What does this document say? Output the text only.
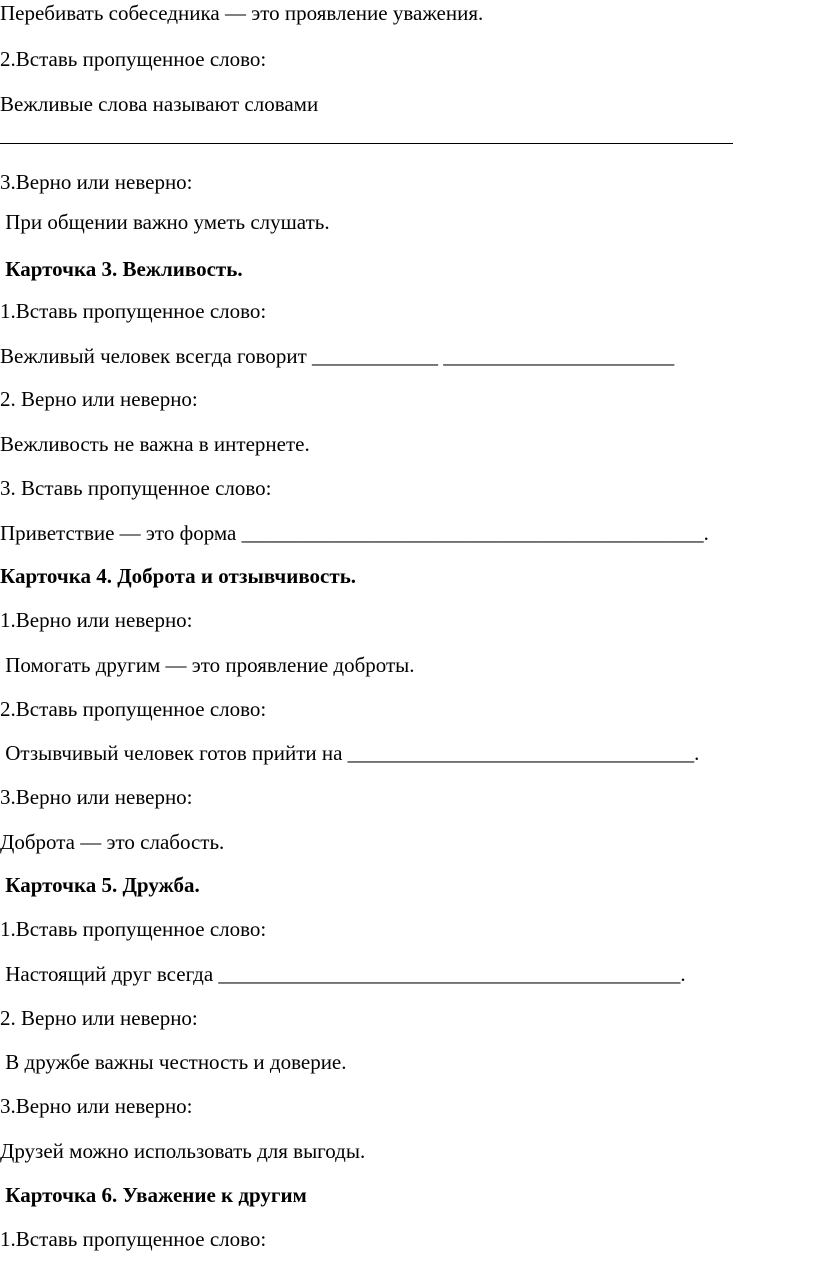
Перебивать собеседника — это проявление уважения.
2.Вставь пропущенное слово:
Вежливые слова называют словами
3.Верно или неверно:
При общении важно уметь слушать.
Карточка 3. Вежливость.
1.Вставь пропущенное слово:
Вежливый человек всегда говорит ____________ ______________________
2. Верно или неверно:
Вежливость не важна в интернете.
3. Вставь пропущенное слово:
Приветствие — это форма ____________________________________________.
Карточка 4. Доброта и отзывчивость.
1.Верно или неверно:
Помогать другим — это проявление доброты.
2.Вставь пропущенное слово:
Отзывчивый человек готов прийти на _________________________________.
3.Верно или неверно:
Доброта — это слабость.
Карточка 5. Дружба.
1.Вставь пропущенное слово:
Настоящий друг всегда ____________________________________________.
2. Верно или неверно:
В дружбе важны честность и доверие.
3.Верно или неверно:
Друзей можно использовать для выгоды.
Карточка 6. Уважение к другим
1.Вставь пропущенное слово:
